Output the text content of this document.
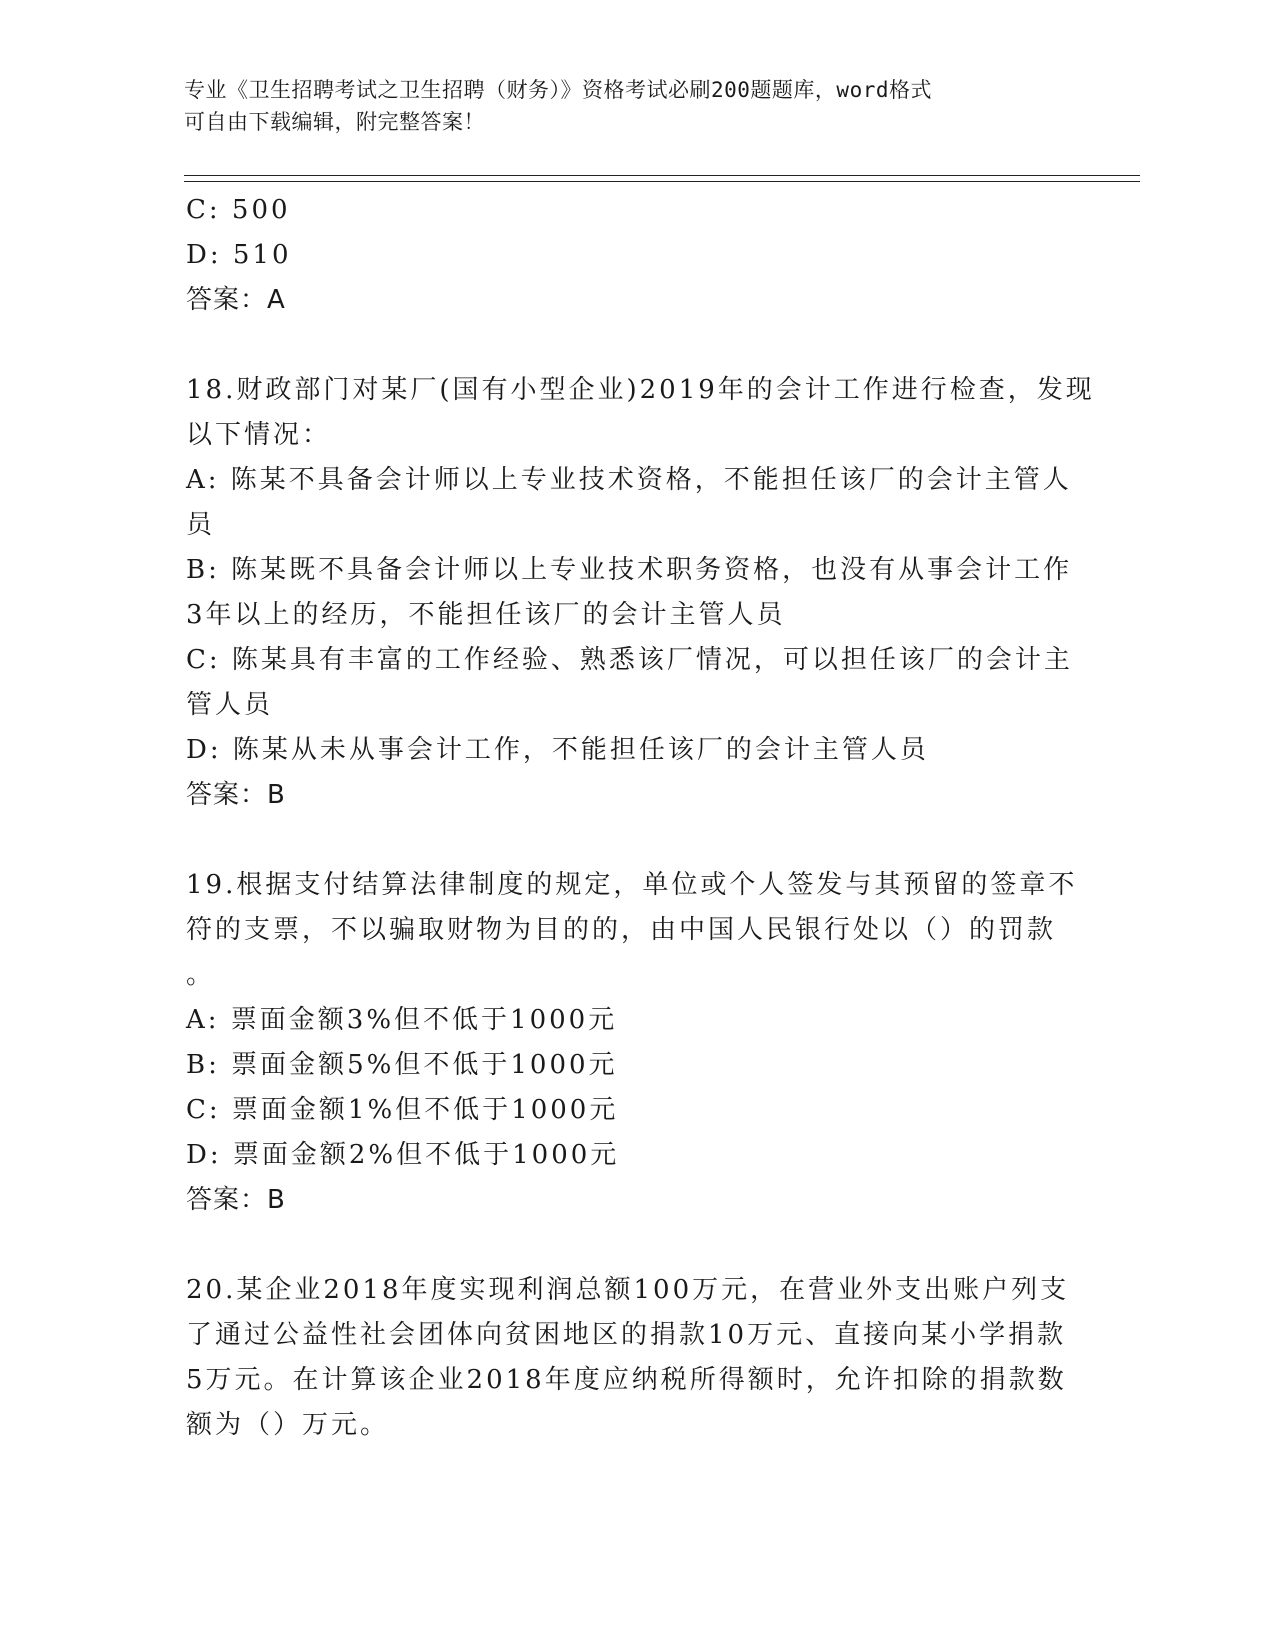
专业《卫生招聘考试之卫生招聘（财务）》资格考试必刷200题题库，word格式
可自由下载编辑，附完整答案！
C: 500
D: 510
答案：A
18.财政部门对某厂(国有小型企业)2019年的会计工作进行检查，发现
以下情况：
A: 陈某不具备会计师以上专业技术资格，不能担任该厂的会计主管人
员
B: 陈某既不具备会计师以上专业技术职务资格，也没有从事会计工作
3年以上的经历，不能担任该厂的会计主管人员
C: 陈某具有丰富的工作经验、熟悉该厂情况，可以担任该厂的会计主
管人员
D: 陈某从未从事会计工作，不能担任该厂的会计主管人员
答案：B
19.根据支付结算法律制度的规定，单位或个人签发与其预留的签章不
符的支票，不以骗取财物为目的的，由中国人民银行处以（）的罚款
。
A: 票面金额3%但不低于1000元
B: 票面金额5%但不低于1000元
C: 票面金额1%但不低于1000元
D: 票面金额2%但不低于1000元
答案：B
20.某企业2018年度实现利润总额100万元，在营业外支出账户列支
了通过公益性社会团体向贫困地区的捐款10万元、直接向某小学捐款
5万元。在计算该企业2018年度应纳税所得额时，允许扣除的捐款数
额为（）万元。
